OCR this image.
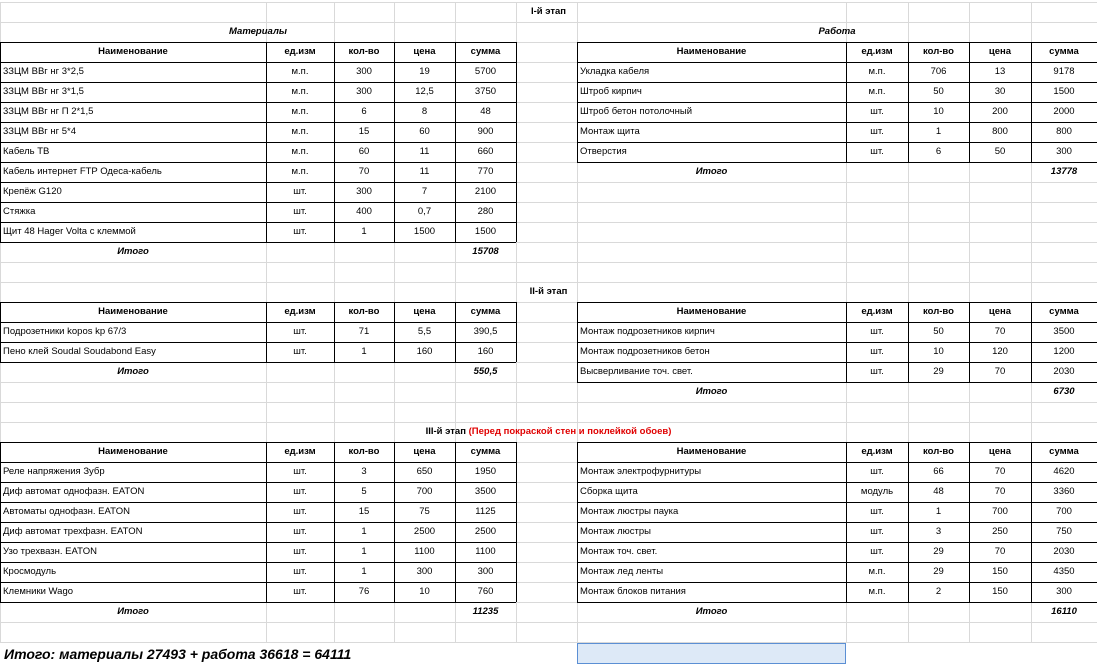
I-й этап
Материалы	Работа
Наименование	ед.изм	кол-во	цена	сумма
3ЗЦМ ВВг нг 3*2,5	м.п.	300	19	5700
3ЗЦМ ВВг нг 3*1,5	м.п.	300	12,5	3750
3ЗЦМ ВВг нг П 2*1,5	м.п.	6	8	48
3ЗЦМ ВВг нг 5*4	м.п.	15	60	900
Кабель ТВ	м.п.	60	11	660
Кабель интернет FTP Одеса-кабель	м.п.	70	11	770
Крепёж G120	шт.	300	7	2100
Стяжка	шт.	400	0,7	280
Щит 48 Hager Volta с клеммой	шт.	1	1500	1500
Итого	15708
Наименование	ед.изм	кол-во	цена	сумма
Укладка кабеля	м.п.	706	13	9178
Штроб кирпич	м.п.	50	30	1500
Штроб бетон потолочный	шт.	10	200	2000
Монтаж щита	шт.	1	800	800
Отверстия	шт.	6	50	300
Итого	13778
II-й этап
Наименование	ед.изм	кол-во	цена	сумма
Подрозетники kopos kp 67/3	шт.	71	5,5	390,5
Пено клей Soudal Soudabond Easy	шт.	1	160	160
Итого	550,5
Наименование	ед.изм	кол-во	цена	сумма
Монтаж подрозетников кирпич	шт.	50	70	3500
Монтаж подрозетников бетон	шт.	10	120	1200
Высверливание точ. свет.	шт.	29	70	2030
Итого	6730
III-й этап (Перед покраской стен и поклейкой обоев)
Наименование	ед.изм	кол-во	цена	сумма
Реле напряжения Зубр	шт.	3	650	1950
Диф автомат однофазн. EATON	шт.	5	700	3500
Автоматы однофазн. EATON	шт.	15	75	1125
Диф автомат трехфазн. EATON	шт.	1	2500	2500
Узо трехвазн. EATON	шт.	1	1100	1100
Кросмодуль	шт.	1	300	300
Клемники Wago	шт.	76	10	760
Итого	11235
Наименование	ед.изм	кол-во	цена	сумма
Монтаж электрофурнитуры	шт.	66	70	4620
Сборка щита	модуль	48	70	3360
Монтаж люстры паука	шт.	1	700	700
Монтаж люстры	шт.	3	250	750
Монтаж точ. свет.	шт.	29	70	2030
Монтаж лед ленты	м.п.	29	150	4350
Монтаж блоков питания	м.п.	2	150	300
Итого	16110
Итого: материалы 27493 + работа 36618 = 64111
